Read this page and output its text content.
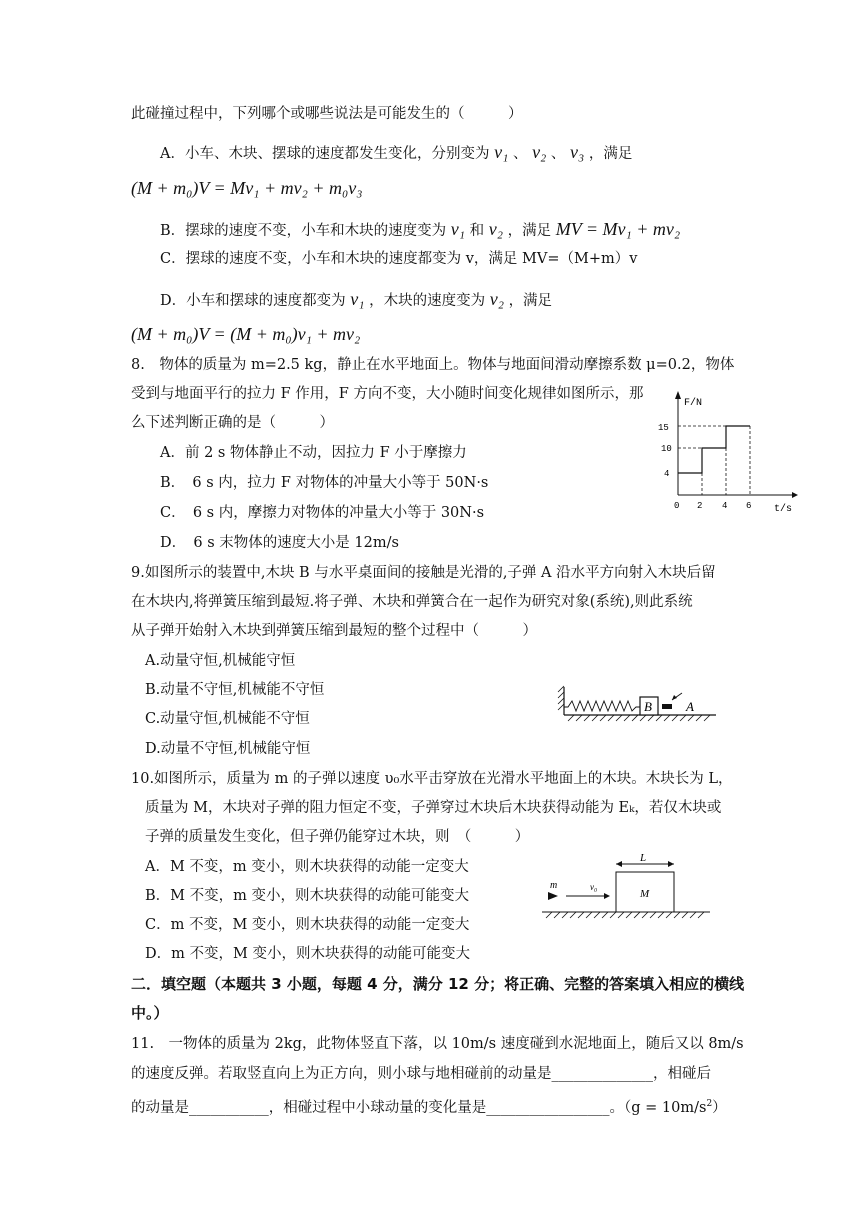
此碰撞过程中，下列哪个或哪些说法是可能发生的（　　　）
A．小车、木块、摆球的速度都发生变化，分别变为 v₁ 、 v₂ 、 v₃ ，满足
(M + m₀)V = Mv₁ + mv₂ + m₀v₃
B．摆球的速度不变，小车和木块的速度变为 v₁ 和 v₂ ，满足 MV = Mv₁ + mv₂
C．摆球的速度不变，小车和木块的速度都变为 v，满足 MV=（M+m）v
D．小车和摆球的速度都变为 v₁ ，木块的速度变为 v₂ ，满足
(M + m₀)V = (M + m₀)v₁ + mv₂
8.　物体的质量为 m=2.5 kg，静止在水平地面上。物体与地面间滑动摩擦系数 μ=0.2，物体
受到与地面平行的拉力 F 作用，F 方向不变，大小随时间变化规律如图所示，那
么下述判断正确的是（　　　）
A．前 2 s 物体静止不动，因拉力 F 小于摩擦力
B．　6 s 内，拉力 F 对物体的冲量大小等于 50N·s
C．　6 s 内，摩擦力对物体的冲量大小等于 30N·s
D．　6 s 末物体的速度大小是 12m/s
F/N
t/s
15
10
4
0 2 4 6
9.如图所示的装置中,木块 B 与水平桌面间的接触是光滑的,子弹 A 沿水平方向射入木块后留
在木块内,将弹簧压缩到最短.将子弹、木块和弹簧合在一起作为研究对象(系统),则此系统
从子弹开始射入木块到弹簧压缩到最短的整个过程中（　　　）
A.动量守恒,机械能守恒
B.动量不守恒,机械能不守恒
C.动量守恒,机械能不守恒
D.动量不守恒,机械能守恒
B	A
10.如图所示，质量为 m 的子弹以速度 υ₀水平击穿放在光滑水平地面上的木块。木块长为 L，
质量为 M，木块对子弹的阻力恒定不变，子弹穿过木块后木块获得动能为 Eₖ，若仅木块或
子弹的质量发生变化，但子弹仍能穿过木块，则　（　　　）
A．M 不变，m 变小，则木块获得的动能一定变大
B．M 不变，m 变小，则木块获得的动能可能变大
C．m 不变，M 变小，则木块获得的动能一定变大
D．m 不变，M 变小，则木块获得的动能可能变大
L
M
m	v₀
二．填空题（本题共 3 小题，每题 4 分，满分 12 分；将正确、完整的答案填入相应的横线
中。）
11.　一物体的质量为 2kg，此物体竖直下落，以 10m/s 速度碰到水泥地面上，随后又以 8m/s
的速度反弹。若取竖直向上为正方向，则小球与地相碰前的动量是______________，相碰后
的动量是___________，相碰过程中小球动量的变化量是_________________。$(g = 10m/s^2)$
